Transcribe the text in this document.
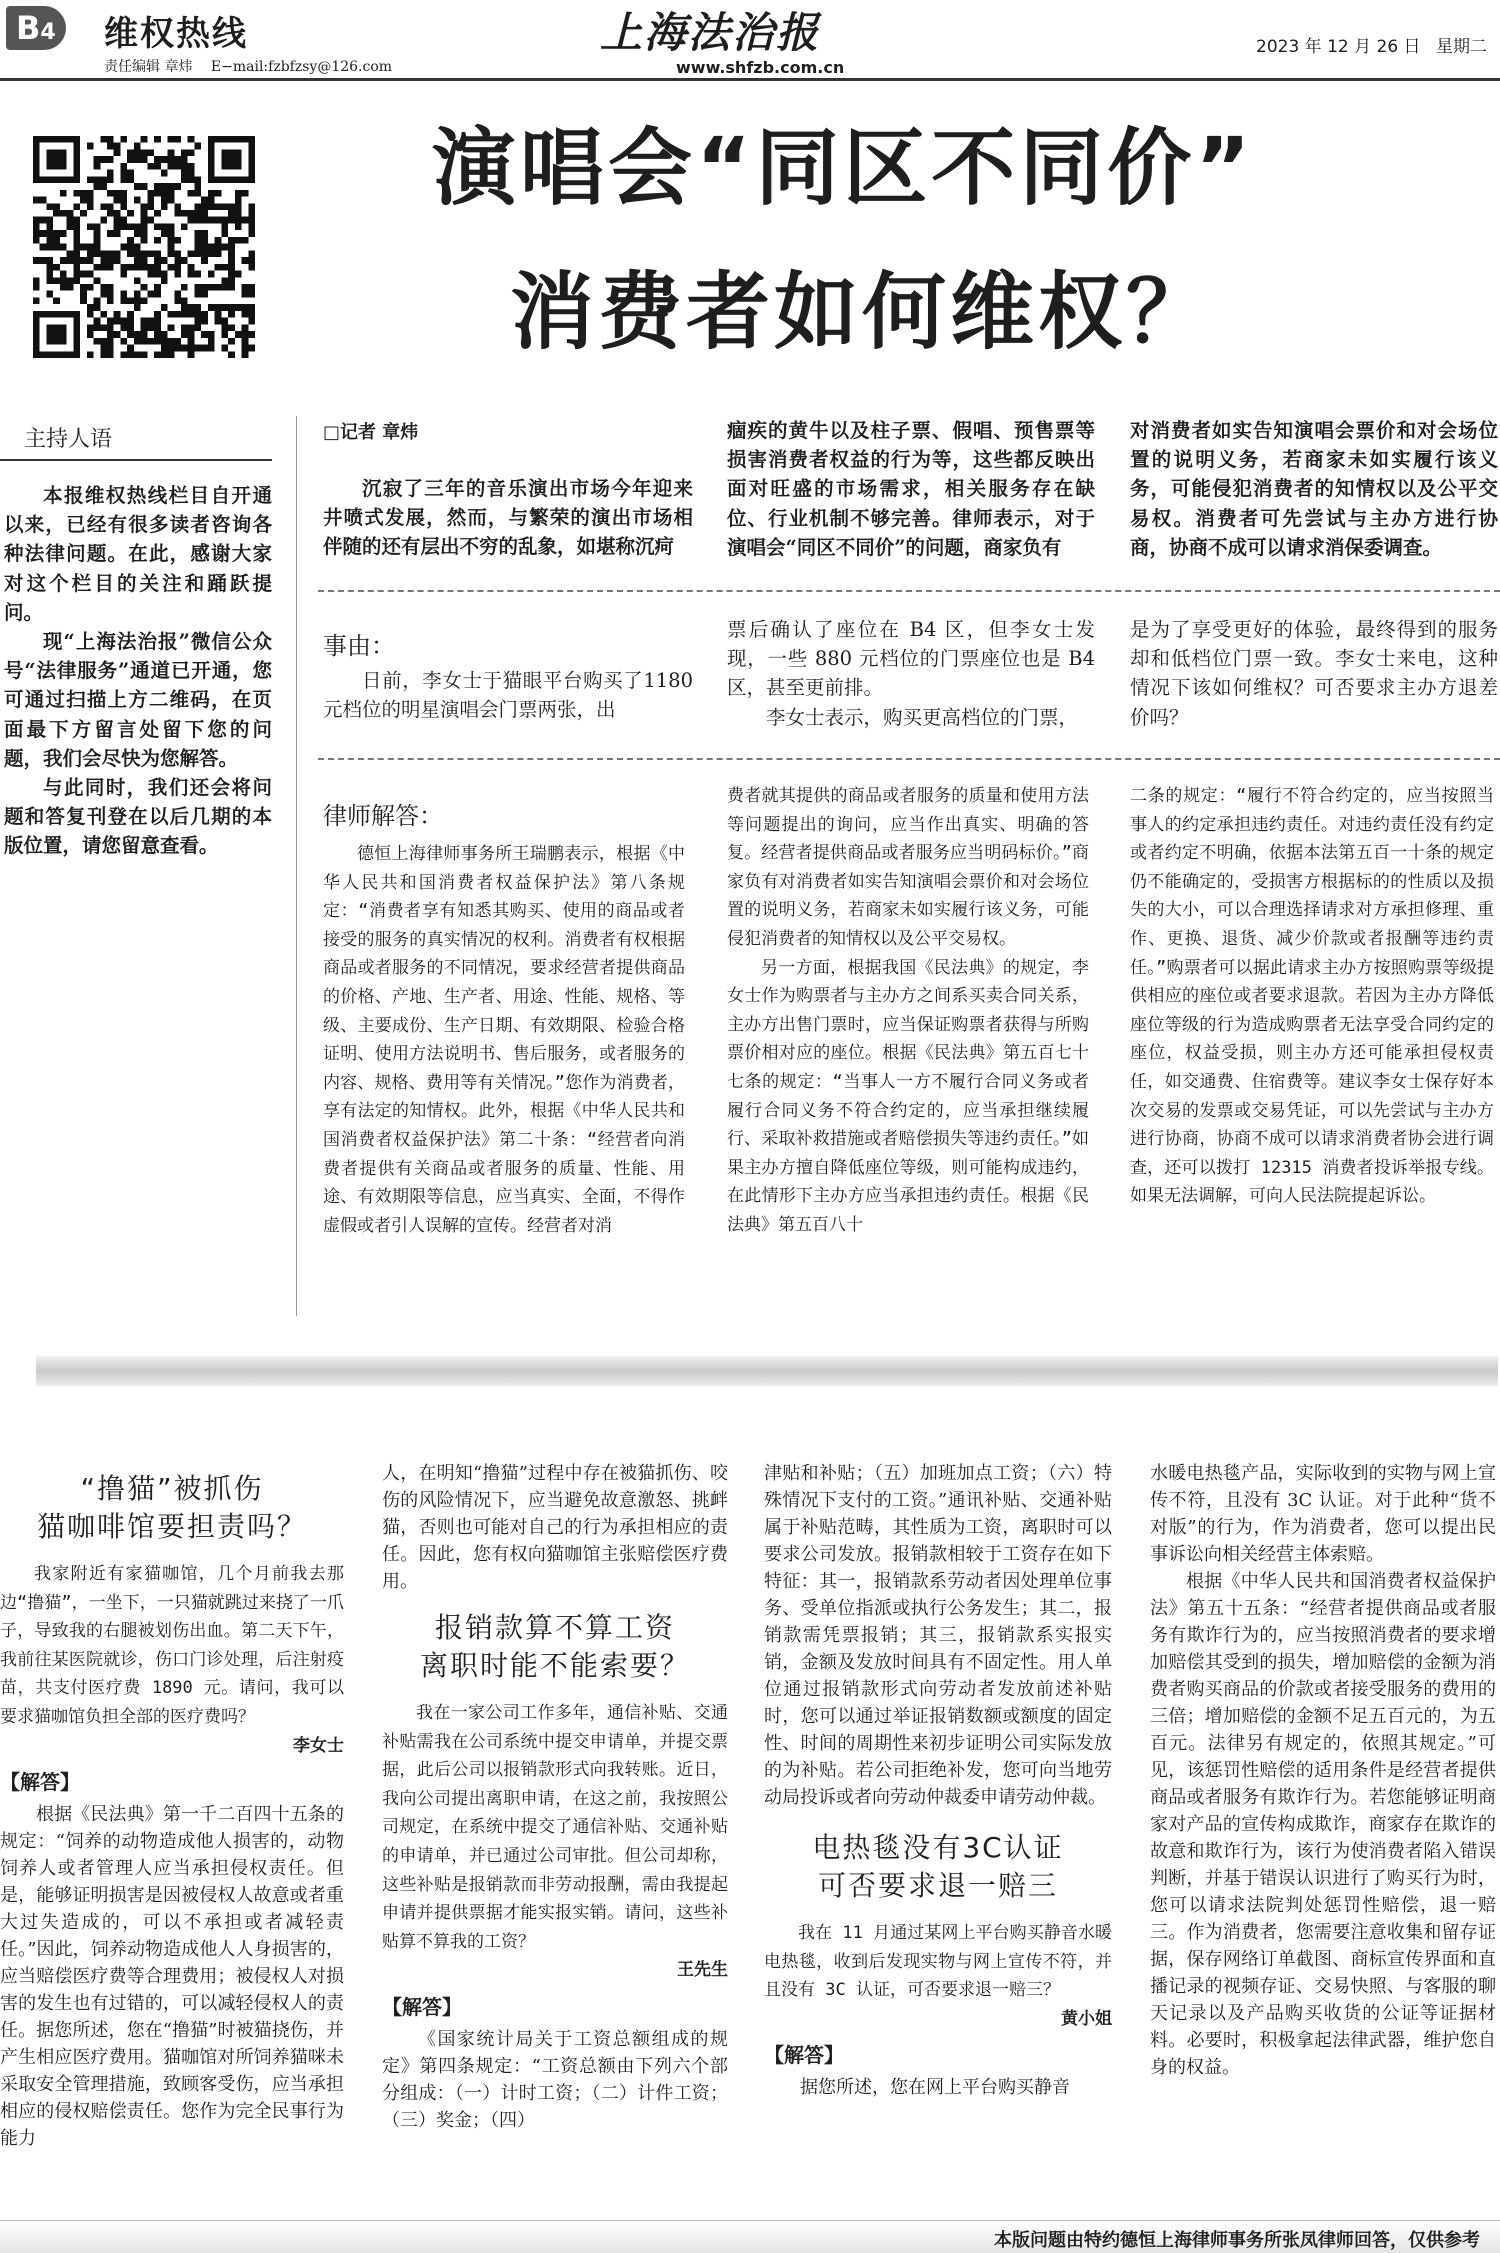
B4	维权热线
责任编辑 章炜 E−mail:fzbfzsy@126.com
上海法治报
www.shfzb.com.cn
2023 年 12 月 26 日 星期二
演唱会“同区不同价”
消费者如何维权？
主持人语

本报维权热线栏目自开通以来，已经有很多读者咨询各种法律问题。在此，感谢大家对这个栏目的关注和踊跃提问。

现“上海法治报”微信公众号“法律服务”通道已开通，您可通过扫描上方二维码，在页面最下方留言处留下您的问题，我们会尽快为您解答。

与此同时，我们还会将问题和答复刊登在以后几期的本版位置，请您留意查看。

□记者 章炜

沉寂了三年的音乐演出市场今年迎来井喷式发展，然而，与繁荣的演出市场相伴随的还有层出不穷的乱象，如堪称沉疴

痼疾的黄牛以及柱子票、假唱、预售票等损害消费者权益的行为等，这些都反映出面对旺盛的市场需求，相关服务存在缺位、行业机制不够完善。律师表示，对于演唱会“同区不同价”的问题，商家负有

对消费者如实告知演唱会票价和对会场位置的说明义务，若商家未如实履行该义务，可能侵犯消费者的知情权以及公平交易权。消费者可先尝试与主办方进行协商，协商不成可以请求消保委调查。

事由：

日前，李女士于猫眼平台购买了1180 元档位的明星演唱会门票两张，出

票后确认了座位在 B4 区，但李女士发现，一些 880 元档位的门票座位也是 B4 区，甚至更前排。

李女士表示，购买更高档位的门票，

是为了享受更好的体验，最终得到的服务却和低档位门票一致。李女士来电，这种情况下该如何维权？可否要求主办方退差价吗？

律师解答：

德恒上海律师事务所王瑞鹏表示，根据《中华人民共和国消费者权益保护法》第八条规定：“消费者享有知悉其购买、使用的商品或者接受的服务的真实情况的权利。消费者有权根据商品或者服务的不同情况，要求经营者提供商品的价格、产地、生产者、用途、性能、规格、等级、主要成份、生产日期、有效期限、检验合格证明、使用方法说明书、售后服务，或者服务的内容、规格、费用等有关情况。”您作为消费者，享有法定的知情权。此外，根据《中华人民共和国消费者权益保护法》第二十条：“经营者向消费者提供有关商品或者服务的质量、性能、用途、有效期限等信息，应当真实、全面，不得作虚假或者引人误解的宣传。经营者对消

费者就其提供的商品或者服务的质量和使用方法等问题提出的询问，应当作出真实、明确的答复。经营者提供商品或者服务应当明码标价。”商家负有对消费者如实告知演唱会票价和对会场位置的说明义务，若商家未如实履行该义务，可能侵犯消费者的知情权以及公平交易权。

另一方面，根据我国《民法典》的规定，李女士作为购票者与主办方之间系买卖合同关系，主办方出售门票时，应当保证购票者获得与所购票价相对应的座位。根据《民法典》第五百七十七条的规定：“当事人一方不履行合同义务或者履行合同义务不符合约定的，应当承担继续履行、采取补救措施或者赔偿损失等违约责任。”如果主办方擅自降低座位等级，则可能构成违约，在此情形下主办方应当承担违约责任。根据《民法典》第五百八十

二条的规定：“履行不符合约定的，应当按照当事人的约定承担违约责任。对违约责任没有约定或者约定不明确，依据本法第五百一十条的规定仍不能确定的，受损害方根据标的的性质以及损失的大小，可以合理选择请求对方承担修理、重作、更换、退货、减少价款或者报酬等违约责任。”购票者可以据此请求主办方按照购票等级提供相应的座位或者要求退款。若因为主办方降低座位等级的行为造成购票者无法享受合同约定的座位，权益受损，则主办方还可能承担侵权责任，如交通费、住宿费等。建议李女士保存好本次交易的发票或交易凭证，可以先尝试与主办方进行协商，协商不成可以请求消费者协会进行调查，还可以拨打 12315 消费者投诉举报专线。如果无法调解，可向人民法院提起诉讼。

“撸猫”被抓伤
猫咖啡馆要担责吗？

我家附近有家猫咖馆，几个月前我去那边“撸猫”，一坐下，一只猫就跳过来挠了一爪子，导致我的右腿被划伤出血。第二天下午，我前往某医院就诊，伤口门诊处理，后注射疫苗，共支付医疗费 1890 元。请问，我可以要求猫咖馆负担全部的医疗费吗？

李女士

【解答】

根据《民法典》第一千二百四十五条的规定：“饲养的动物造成他人损害的，动物饲养人或者管理人应当承担侵权责任。但是，能够证明损害是因被侵权人故意或者重大过失造成的，可以不承担或者减轻责任。”因此，饲养动物造成他人人身损害的，应当赔偿医疗费等合理费用；被侵权人对损害的发生也有过错的，可以减轻侵权人的责任。据您所述，您在“撸猫”时被猫挠伤，并产生相应医疗费用。猫咖馆对所饲养猫咪未采取安全管理措施，致顾客受伤，应当承担相应的侵权赔偿责任。您作为完全民事行为能力

人，在明知“撸猫”过程中存在被猫抓伤、咬伤的风险情况下，应当避免故意激怒、挑衅猫，否则也可能对自己的行为承担相应的责任。因此，您有权向猫咖馆主张赔偿医疗费用。

报销款算不算工资
离职时能不能索要？

我在一家公司工作多年，通信补贴、交通补贴需我在公司系统中提交申请单，并提交票据，此后公司以报销款形式向我转账。近日，我向公司提出离职申请，在这之前，我按照公司规定，在系统中提交了通信补贴、交通补贴的申请单，并已通过公司审批。但公司却称，这些补贴是报销款而非劳动报酬，需由我提起申请并提供票据才能实报实销。请问，这些补贴算不算我的工资？

王先生

【解答】

《国家统计局关于工资总额组成的规定》第四条规定：“工资总额由下列六个部分组成：（一）计时工资；（二）计件工资；（三）奖金；（四）

津贴和补贴；（五）加班加点工资；（六）特殊情况下支付的工资。”通讯补贴、交通补贴属于补贴范畴，其性质为工资，离职时可以要求公司发放。报销款相较于工资存在如下特征：其一，报销款系劳动者因处理单位事务、受单位指派或执行公务发生；其二，报销款需凭票报销；其三，报销款系实报实销，金额及发放时间具有不固定性。用人单位通过报销款形式向劳动者发放前述补贴时，您可以通过举证报销数额或额度的固定性、时间的周期性来初步证明公司实际发放的为补贴。若公司拒绝补发，您可向当地劳动局投诉或者向劳动仲裁委申请劳动仲裁。

电热毯没有3C认证
可否要求退一赔三

我在 11 月通过某网上平台购买静音水暖电热毯，收到后发现实物与网上宣传不符，并且没有 3C 认证，可否要求退一赔三？

黄小姐

【解答】

据您所述，您在网上平台购买静音

水暖电热毯产品，实际收到的实物与网上宣传不符，且没有 3C 认证。对于此种“货不对版”的行为，作为消费者，您可以提出民事诉讼向相关经营主体索赔。

根据《中华人民共和国消费者权益保护法》第五十五条：“经营者提供商品或者服务有欺诈行为的，应当按照消费者的要求增加赔偿其受到的损失，增加赔偿的金额为消费者购买商品的价款或者接受服务的费用的三倍；增加赔偿的金额不足五百元的，为五百元。法律另有规定的，依照其规定。”可见，该惩罚性赔偿的适用条件是经营者提供商品或者服务有欺诈行为。若您能够证明商家对产品的宣传构成欺诈，商家存在欺诈的故意和欺诈行为，该行为使消费者陷入错误判断，并基于错误认识进行了购买行为时，您可以请求法院判处惩罚性赔偿，退一赔三。作为消费者，您需要注意收集和留存证据，保存网络订单截图、商标宣传界面和直播记录的视频存证、交易快照、与客服的聊天记录以及产品购买收货的公证等证据材料。必要时，积极拿起法律武器，维护您自身的权益。

本版问题由特约德恒上海律师事务所张凤律师回答，仅供参考
